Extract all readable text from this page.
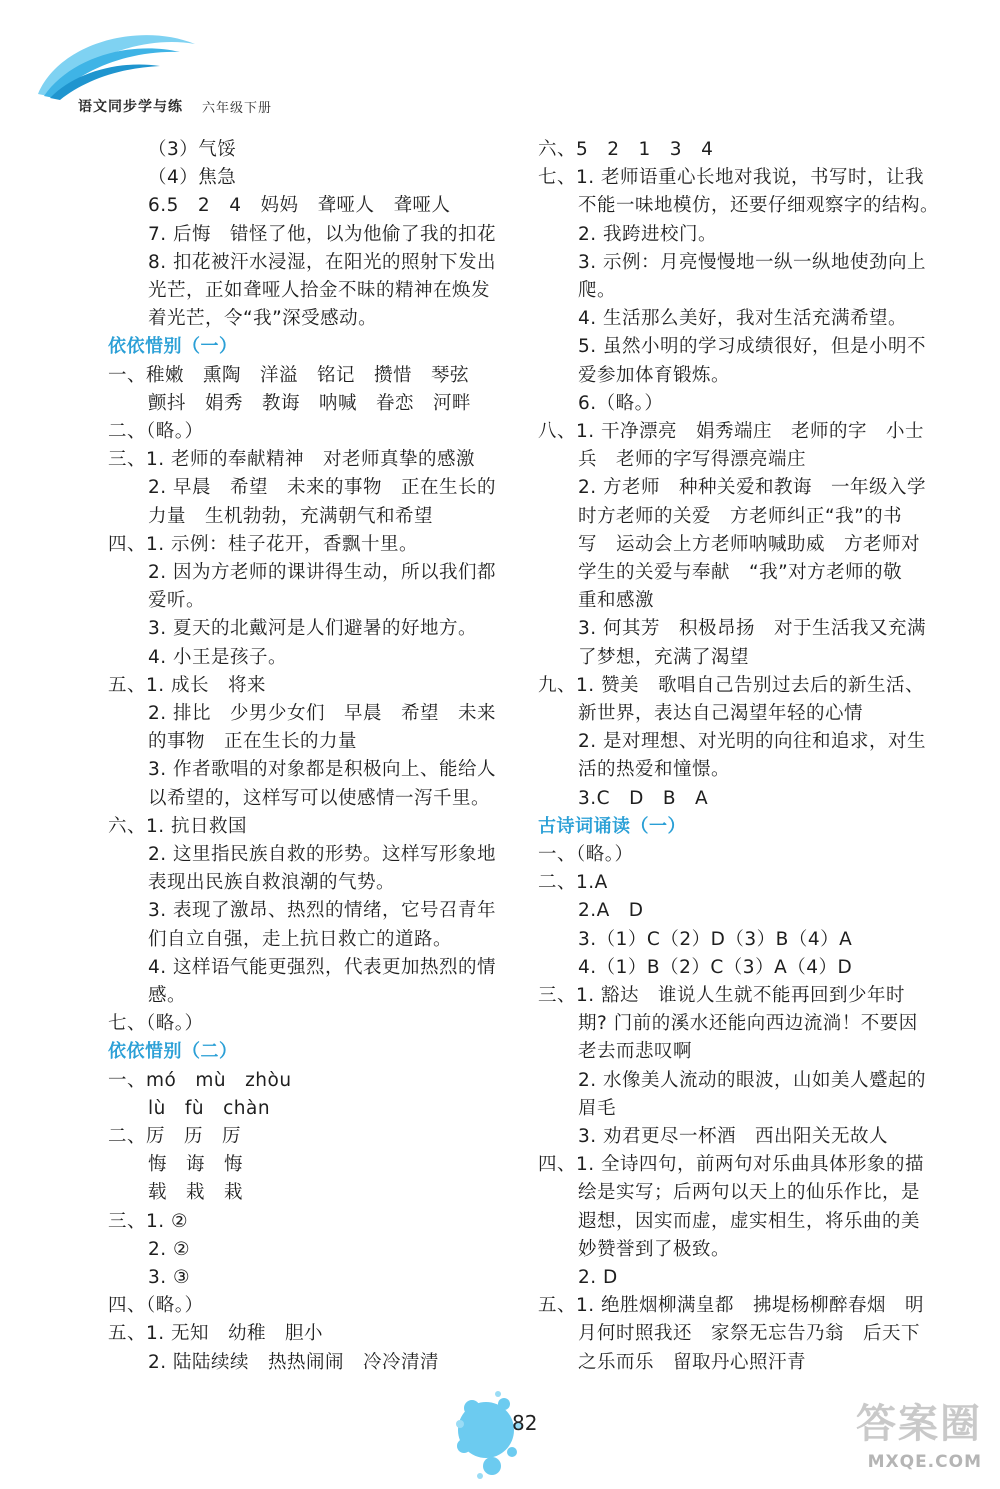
语文同步学与练 六年级下册
（3）气馁
（4）焦急
6.5　2　4　妈妈　聋哑人　聋哑人
7. 后悔　错怪了他，以为他偷了我的扣花
8. 扣花被汗水浸湿，在阳光的照射下发出
光芒，正如聋哑人拾金不昧的精神在焕发
着光芒，令“我”深受感动。
依依惜别（一）
一、稚嫩　熏陶　洋溢　铭记　攒惜　琴弦
颤抖　娟秀　教诲　呐喊　眷恋　河畔
二、（略。）
三、1. 老师的奉献精神　对老师真挚的感激
2. 早晨　希望　未来的事物　正在生长的
力量　生机勃勃，充满朝气和希望
四、1. 示例：桂子花开，香飘十里。
2. 因为方老师的课讲得生动，所以我们都
爱听。
3. 夏天的北戴河是人们避暑的好地方。
4. 小王是孩子。
五、1. 成长　将来
2. 排比　少男少女们　早晨　希望　未来
的事物　正在生长的力量
3. 作者歌唱的对象都是积极向上、能给人
以希望的，这样写可以使感情一泻千里。
六、1. 抗日救国
2. 这里指民族自救的形势。这样写形象地
表现出民族自救浪潮的气势。
3. 表现了激昂、热烈的情绪，它号召青年
们自立自强，走上抗日救亡的道路。
4. 这样语气能更强烈，代表更加热烈的情
感。
七、（略。）
依依惜别（二）
一、mó　mù　zhòu
lù　fù　chàn
二、厉　历　厉
悔　诲　悔
载　栽　栽
三、1. ②
2. ②
3. ③
四、（略。）
五、1. 无知　幼稚　胆小
2. 陆陆续续　热热闹闹　冷冷清清
六、5　2　1　3　4
七、1. 老师语重心长地对我说，书写时，让我
不能一味地模仿，还要仔细观察字的结构。
2. 我跨进校门。
3. 示例：月亮慢慢地一纵一纵地使劲向上
爬。
4. 生活那么美好，我对生活充满希望。
5. 虽然小明的学习成绩很好，但是小明不
爱参加体育锻炼。
6.（略。）
八、1. 干净漂亮　娟秀端庄　老师的字　小士
兵　老师的字写得漂亮端庄
2. 方老师　种种关爱和教诲　一年级入学
时方老师的关爱　方老师纠正“我”的书
写　运动会上方老师呐喊助威　方老师对
学生的关爱与奉献　“我”对方老师的敬
重和感激
3. 何其芳　积极昂扬　对于生活我又充满
了梦想，充满了渴望
九、1. 赞美　歌唱自己告别过去后的新生活、
新世界，表达自己渴望年轻的心情
2. 是对理想、对光明的向往和追求，对生
活的热爱和憧憬。
3.C　D　B　A
古诗词诵读（一）
一、（略。）
二、1.A
2.A　D
3.（1）C（2）D（3）B（4）A
4.（1）B（2）C（3）A（4）D
三、1. 豁达　谁说人生就不能再回到少年时
期? 门前的溪水还能向西边流淌！不要因
老去而悲叹啊
2. 水像美人流动的眼波，山如美人蹙起的
眉毛
3. 劝君更尽一杯酒　西出阳关无故人
四、1. 全诗四句，前两句对乐曲具体形象的描
绘是实写；后两句以天上的仙乐作比，是
遐想，因实而虚，虚实相生，将乐曲的美
妙赞誉到了极致。
2. D
五、1. 绝胜烟柳满皇都　拂堤杨柳醉春烟　明
月何时照我还　家祭无忘告乃翁　后天下
之乐而乐　留取丹心照汗青
82	答案圈
MXQE.COM
